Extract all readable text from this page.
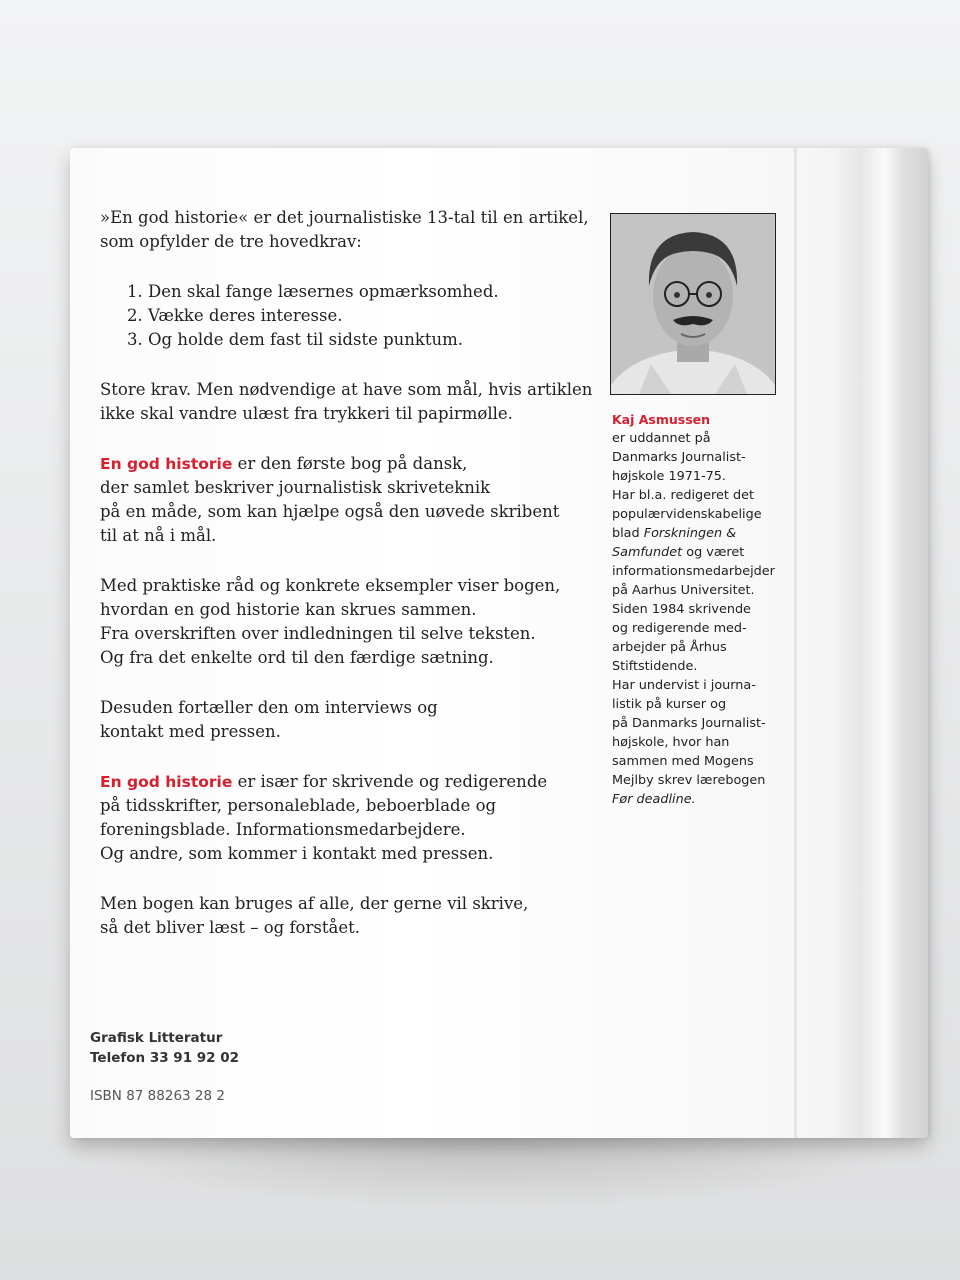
»En god historie« er det journalistiske 13-tal til en artikel,
som opfylder de tre hovedkrav:

1. Den skal fange læsernes opmærksomhed.
2. Vække deres interesse.
3. Og holde dem fast til sidste punktum.

Store krav. Men nødvendige at have som mål, hvis artiklen
ikke skal vandre ulæst fra trykkeri til papirmølle.

En god historie er den første bog på dansk,
der samlet beskriver journalistisk skriveteknik
på en måde, som kan hjælpe også den uøvede skribent
til at nå i mål.

Med praktiske råd og konkrete eksempler viser bogen,
hvordan en god historie kan skrues sammen.
Fra overskriften over indledningen til selve teksten.
Og fra det enkelte ord til den færdige sætning.

Desuden fortæller den om interviews og
kontakt med pressen.

En god historie er især for skrivende og redigerende
på tidsskrifter, personaleblade, beboerblade og
foreningsblade. Informationsmedarbejdere.
Og andre, som kommer i kontakt med pressen.

Men bogen kan bruges af alle, der gerne vil skrive,
så det bliver læst – og forstået.

Kaj Asmussen
er uddannet på
Danmarks Journalist-
højskole 1971-75.
Har bl.a. redigeret det
populærvidenskabelige
blad Forskningen &
Samfundet og været
informationsmedarbejder
på Aarhus Universitet.
Siden 1984 skrivende
og redigerende med-
arbejder på Århus
Stiftstidende.
Har undervist i journa-
listik på kurser og
på Danmarks Journalist-
højskole, hvor han
sammen med Mogens
Mejlby skrev lærebogen
Før deadline.
Grafisk Litteratur
Telefon 33 91 92 02
ISBN 87 88263 28 2
